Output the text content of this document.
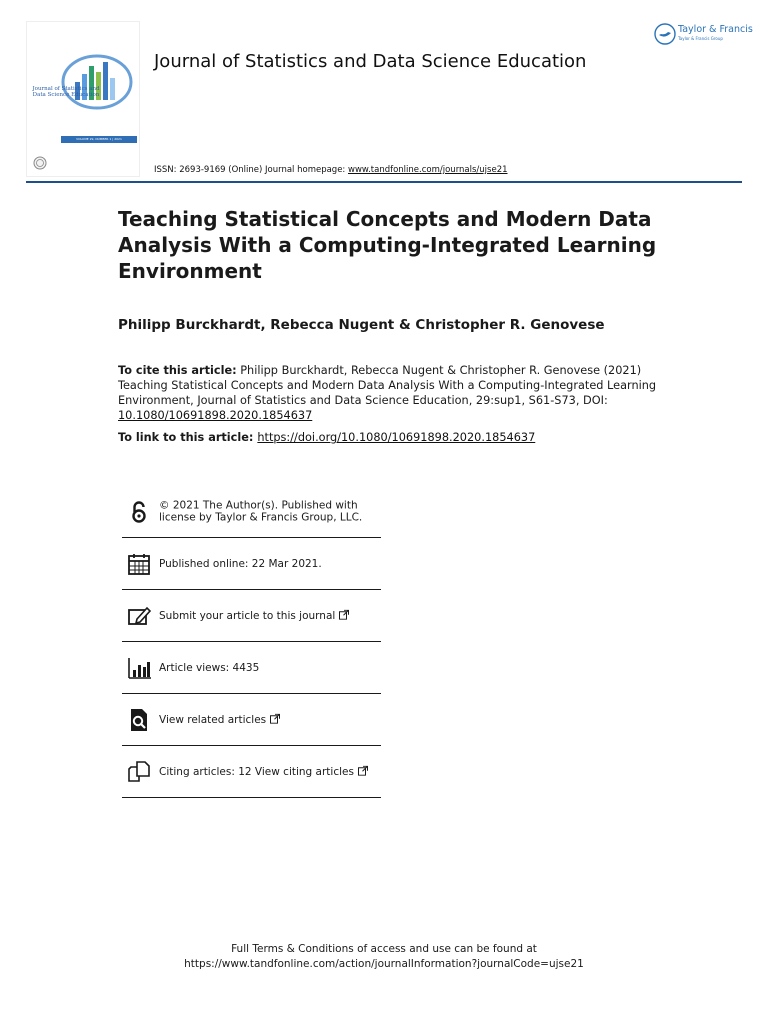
Journal of Statistics and Data Science Education
VOLUME 29, NUMBER 1 | 2021
Journal of Statistics and Data Science Education
Taylor & Francis
Taylor & Francis Group
ISSN: 2693-9169 (Online) Journal homepage: www.tandfonline.com/journals/ujse21
Teaching Statistical Concepts and Modern Data Analysis With a Computing-Integrated Learning Environment
Philipp Burckhardt, Rebecca Nugent & Christopher R. Genovese
To cite this article: Philipp Burckhardt, Rebecca Nugent & Christopher R. Genovese (2021) Teaching Statistical Concepts and Modern Data Analysis With a Computing-Integrated Learning Environment, Journal of Statistics and Data Science Education, 29:sup1, S61-S73, DOI: 10.1080/10691898.2020.1854637
To link to this article: https://doi.org/10.1080/10691898.2020.1854637
© 2021 The Author(s). Published with license by Taylor & Francis Group, LLC.
Published online: 22 Mar 2021.
Submit your article to this journal
Article views: 4435
View related articles
Citing articles: 12 View citing articles
Full Terms & Conditions of access and use can be found at
https://www.tandfonline.com/action/journalInformation?journalCode=ujse21
